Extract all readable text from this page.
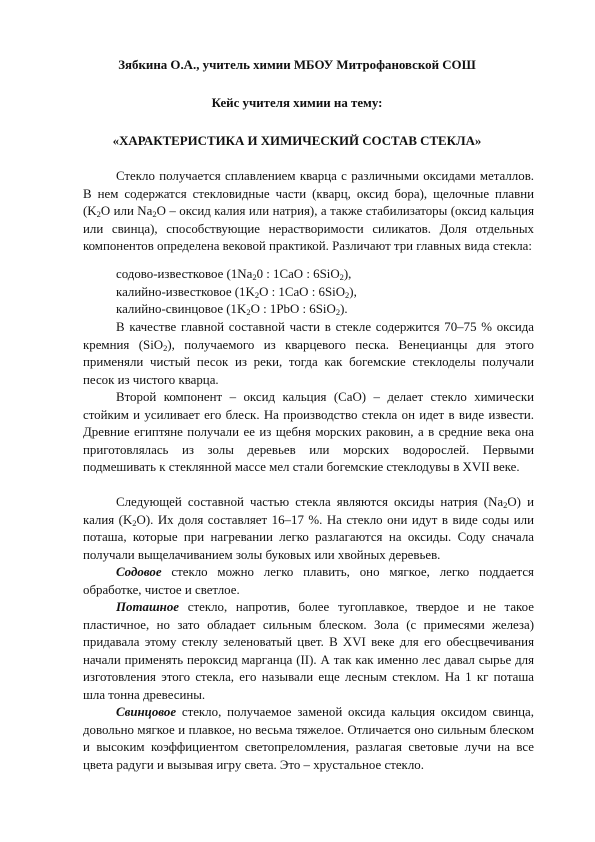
Зябкина О.А., учитель химии МБОУ Митрофановской СОШ
Кейс учителя химии на тему:
«ХАРАКТЕРИСТИКА И ХИМИЧЕСКИЙ СОСТАВ СТЕКЛА»
Стекло получается сплавлением кварца с различными оксидами металлов. В нем содержатся стекловидные части (кварц, оксид бора), щелочные плавни ($K_2O$ или $Na_2O$ – оксид калия или натрия), а также стабилизаторы (оксид кальция или свинца), способствующие нерастворимости силикатов. Доля отдельных компонентов определена вековой практикой. Различают три главных вида стекла:
содово-известковое ($1Na_20$ : 1CaO : 6SiO$_2$),
калийно-известковое ($1K_2O$ : 1CaO : 6SiO$_2$),
калийно-свинцовое ($1K_2O$ : 1PbO : 6SiO$_2$).
В качестве главной составной части в стекле содержится 70–75 % оксида кремния (SiO$_2$), получаемого из кварцевого песка. Венецианцы для этого применяли чистый песок из реки, тогда как богемские стеклоделы получали песок из чистого кварца.
Второй компонент – оксид кальция (CaO) – делает стекло химически стойким и усиливает его блеск. На производство стекла он идет в виде извести. Древние египтяне получали ее из щебня морских раковин, а в средние века она приготовлялась из золы деревьев или морских водорослей. Первыми подмешивать к стеклянной массе мел стали богемские стеклодувы в XVII веке.
Следующей составной частью стекла являются оксиды натрия $(Na_2O)$ и калия $(K_2O)$. Их доля составляет 16–17 %. На стекло они идут в виде соды или поташа, которые при нагревании легко разлагаются на оксиды. Соду сначала получали выщелачиванием золы буковых или хвойных деревьев.
Содовое стекло можно легко плавить, оно мягкое, легко поддается обработке, чистое и светлое.
Поташное стекло, напротив, более тугоплавкое, твердое и не такое пластичное, но зато обладает сильным блеском. Зола (с примесями железа) придавала этому стеклу зеленоватый цвет. В XVI веке для его обесцвечивания начали применять пероксид марганца (II). А так как именно лес давал сырье для изготовления этого стекла, его называли еще лесным стеклом. На 1 кг поташа шла тонна древесины.
Свинцовое стекло, получаемое заменой оксида кальция оксидом свинца, довольно мягкое и плавкое, но весьма тяжелое. Отличается оно сильным блеском и высоким коэффициентом светопреломления, разлагая световые лучи на все цвета радуги и вызывая игру света. Это – хрустальное стекло.
